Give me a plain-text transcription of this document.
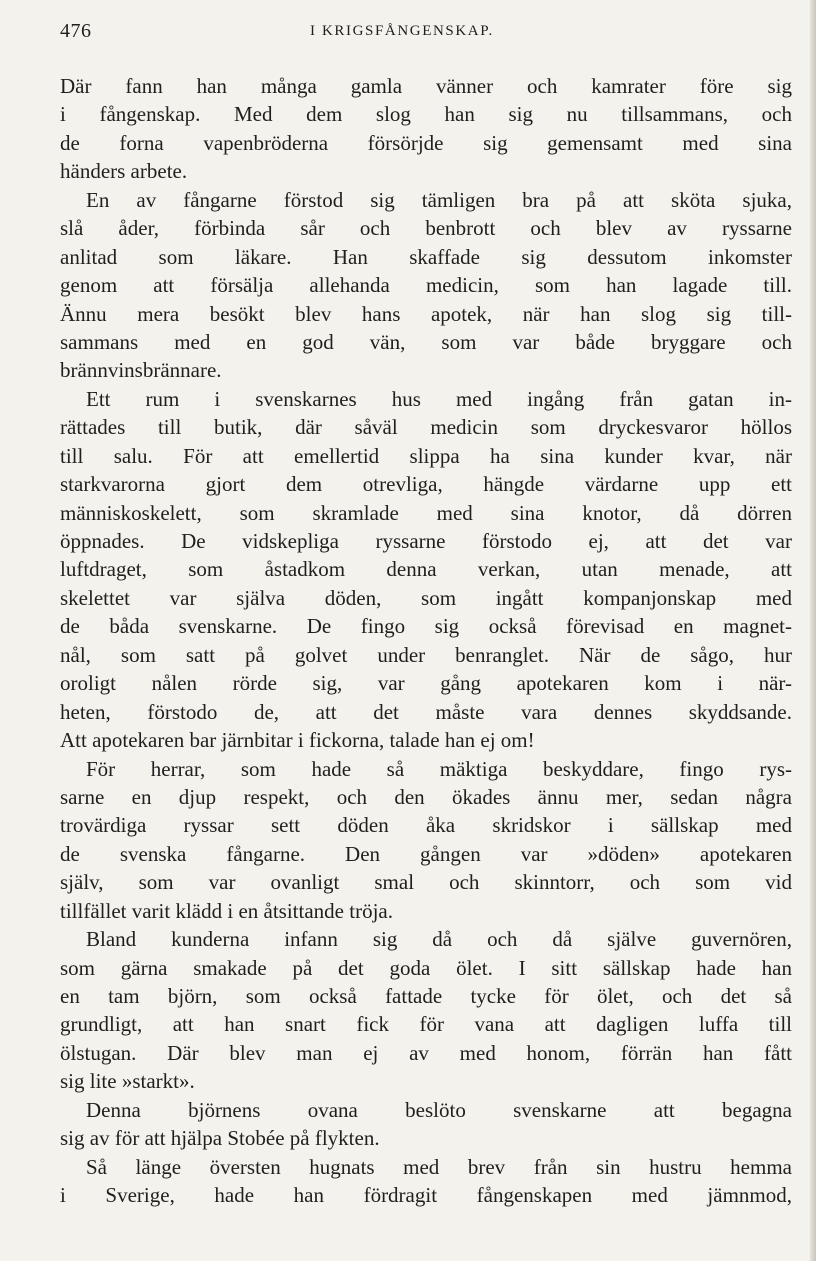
476	I KRIGSFÅNGENSKAP.
Där fann han många gamla vänner och kamrater före sig
i fångenskap. Med dem slog han sig nu tillsammans, och
de forna vapenbröderna försörjde sig gemensamt med sina
händers arbete.
En av fångarne förstod sig tämligen bra på att sköta sjuka,
slå åder, förbinda sår och benbrott och blev av ryssarne
anlitad som läkare. Han skaffade sig dessutom inkomster
genom att försälja allehanda medicin, som han lagade till.
Ännu mera besökt blev hans apotek, när han slog sig till-
sammans med en god vän, som var både bryggare och
brännvinsbrännare.
Ett rum i svenskarnes hus med ingång från gatan in-
rättades till butik, där såväl medicin som dryckesvaror höllos
till salu. För att emellertid slippa ha sina kunder kvar, när
starkvarorna gjort dem otrevliga, hängde värdarne upp ett
människoskelett, som skramlade med sina knotor, då dörren
öppnades. De vidskepliga ryssarne förstodo ej, att det var
luftdraget, som åstadkom denna verkan, utan menade, att
skelettet var själva döden, som ingått kompanjonskap med
de båda svenskarne. De fingo sig också förevisad en magnet-
nål, som satt på golvet under benranglet. När de sågo, hur
oroligt nålen rörde sig, var gång apotekaren kom i när-
heten, förstodo de, att det måste vara dennes skyddsande.
Att apotekaren bar järnbitar i fickorna, talade han ej om!
För herrar, som hade så mäktiga beskyddare, fingo rys-
sarne en djup respekt, och den ökades ännu mer, sedan några
trovärdiga ryssar sett döden åka skridskor i sällskap med
de svenska fångarne. Den gången var »döden» apotekaren
själv, som var ovanligt smal och skinntorr, och som vid
tillfället varit klädd i en åtsittande tröja.
Bland kunderna infann sig då och då själve guvernören,
som gärna smakade på det goda ölet. I sitt sällskap hade han
en tam björn, som också fattade tycke för ölet, och det så
grundligt, att han snart fick för vana att dagligen luffa till
ölstugan. Där blev man ej av med honom, förrän han fått
sig lite »starkt».
Denna björnens ovana beslöto svenskarne att begagna
sig av för att hjälpa Stobée på flykten.
Så länge översten hugnats med brev från sin hustru hemma
i Sverige, hade han fördragit fångenskapen med jämnmod,
